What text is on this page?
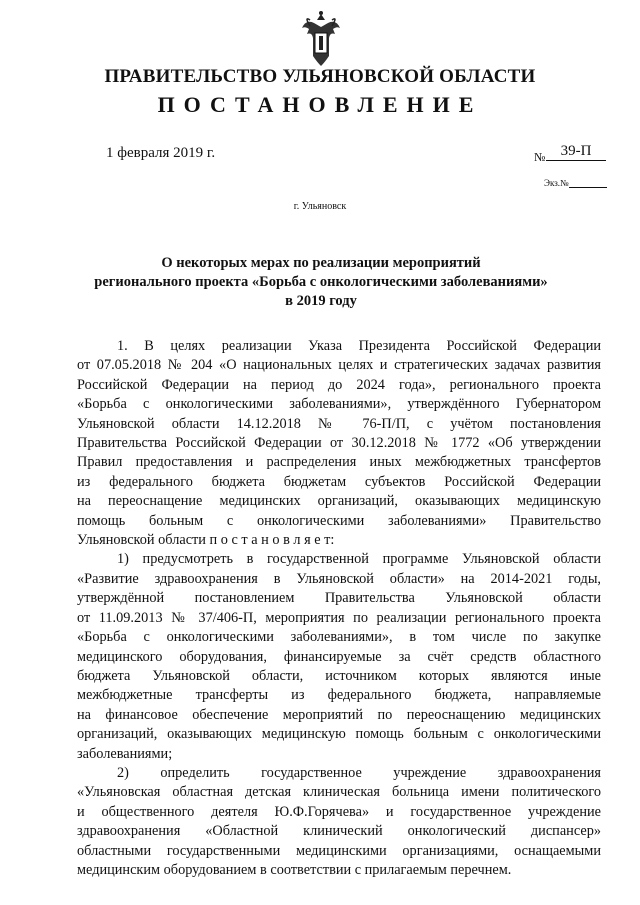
ПРАВИТЕЛЬСТВО УЛЬЯНОВСКОЙ ОБЛАСТИ
ПОСТАНОВЛЕНИЕ
1 февраля 2019 г.	№	39-П
Экз.№
г. Ульяновск
О некоторых мерах по реализации мероприятий
регионального проекта «Борьба с онкологическими заболеваниями»
в 2019 году
1. В целях реализации Указа Президента Российской Федерации
от 07.05.2018 № 204 «О национальных целях и стратегических задачах развития
Российской Федерации на период до 2024 года», регионального проекта
«Борьба с онкологическими заболеваниями», утверждённого Губернатором
Ульяновской области 14.12.2018 № 76-П/П, с учётом постановления
Правительства Российской Федерации от 30.12.2018 № 1772 «Об утверждении
Правил предоставления и распределения иных межбюджетных трансфертов
из федерального бюджета бюджетам субъектов Российской Федерации
на переоснащение медицинских организаций, оказывающих медицинскую
помощь больным с онкологическими заболеваниями» Правительство
Ульяновской области п о с т а н о в л я е т:
1) предусмотреть в государственной программе Ульяновской области
«Развитие здравоохранения в Ульяновской области» на 2014-2021 годы,
утверждённой постановлением Правительства Ульяновской области
от 11.09.2013 № 37/406-П, мероприятия по реализации регионального проекта
«Борьба с онкологическими заболеваниями», в том числе по закупке
медицинского оборудования, финансируемые за счёт средств областного
бюджета Ульяновской области, источником которых являются иные
межбюджетные трансферты из федерального бюджета, направляемые
на финансовое обеспечение мероприятий по переоснащению медицинских
организаций, оказывающих медицинскую помощь больным с онкологическими
заболеваниями;
2) определить государственное учреждение здравоохранения
«Ульяновская областная детская клиническая больница имени политического
и общественного деятеля Ю.Ф.Горячева» и государственное учреждение
здравоохранения «Областной клинический онкологический диспансер»
областными государственными медицинскими организациями, оснащаемыми
медицинским оборудованием в соответствии с прилагаемым перечнем.
